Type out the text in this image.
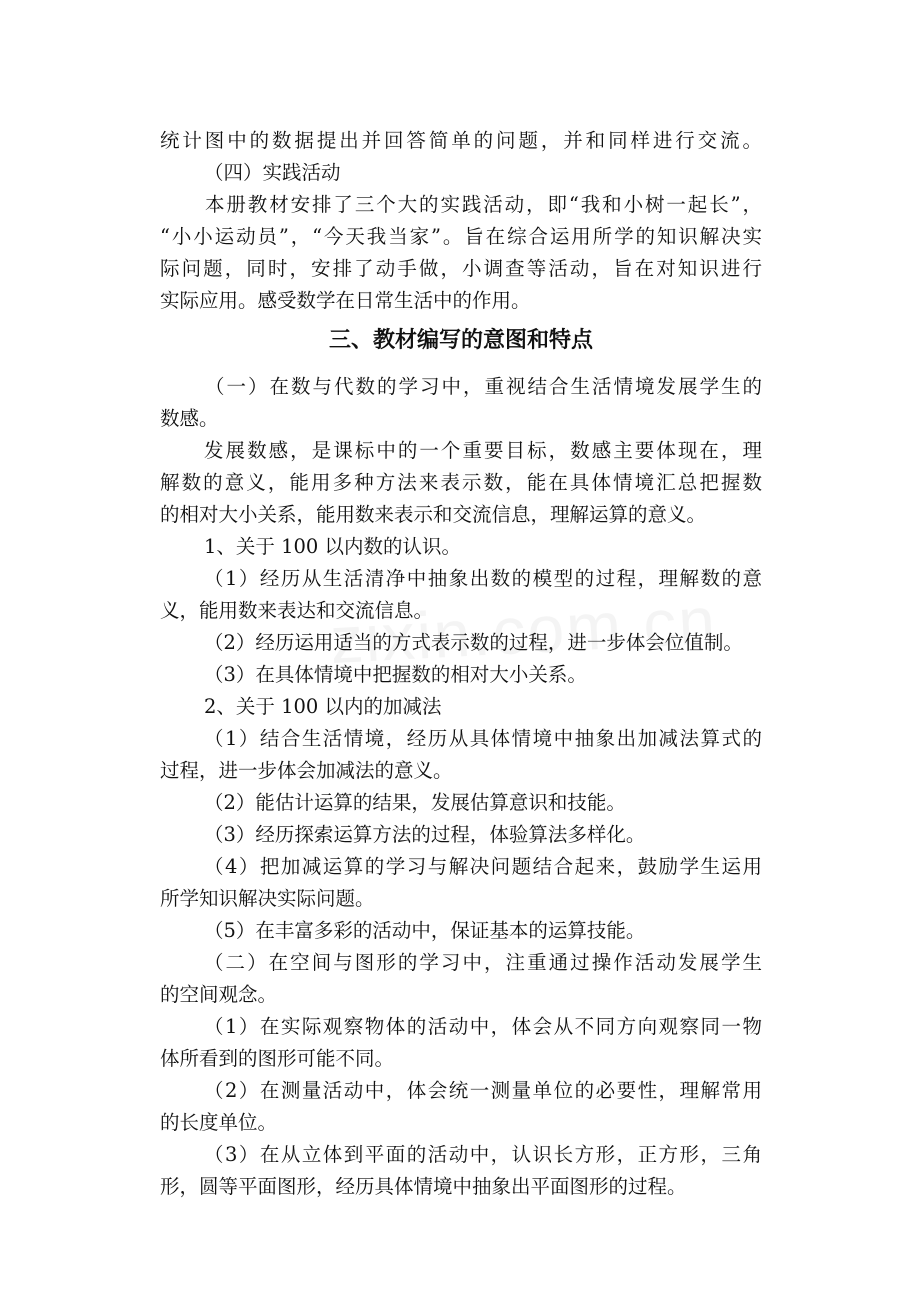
统计图中的数据提出并回答简单的问题，并和同样进行交流。
（四）实践活动
本册教材安排了三个大的实践活动，即“我和小树一起长”，
“小小运动员”，“今天我当家”。旨在综合运用所学的知识解决实
际问题，同时，安排了动手做，小调查等活动，旨在对知识进行
实际应用。感受数学在日常生活中的作用。
三、教材编写的意图和特点
（一）在数与代数的学习中，重视结合生活情境发展学生的
数感。
发展数感，是课标中的一个重要目标，数感主要体现在，理
解数的意义，能用多种方法来表示数，能在具体情境汇总把握数
的相对大小关系，能用数来表示和交流信息，理解运算的意义。
1、关于 100 以内数的认识。
（1）经历从生活清净中抽象出数的模型的过程，理解数的意
义，能用数来表达和交流信息。
（2）经历运用适当的方式表示数的过程，进一步体会位值制。
（3）在具体情境中把握数的相对大小关系。
2、关于 100 以内的加减法
（1）结合生活情境，经历从具体情境中抽象出加减法算式的
过程，进一步体会加减法的意义。
（2）能估计运算的结果，发展估算意识和技能。
（3）经历探索运算方法的过程，体验算法多样化。
（4）把加减运算的学习与解决问题结合起来，鼓励学生运用
所学知识解决实际问题。
（5）在丰富多彩的活动中，保证基本的运算技能。
（二）在空间与图形的学习中，注重通过操作活动发展学生
的空间观念。
（1）在实际观察物体的活动中，体会从不同方向观察同一物
体所看到的图形可能不同。
（2）在测量活动中，体会统一测量单位的必要性，理解常用
的长度单位。
（3）在从立体到平面的活动中，认识长方形，正方形，三角
形，圆等平面图形，经历具体情境中抽象出平面图形的过程。
